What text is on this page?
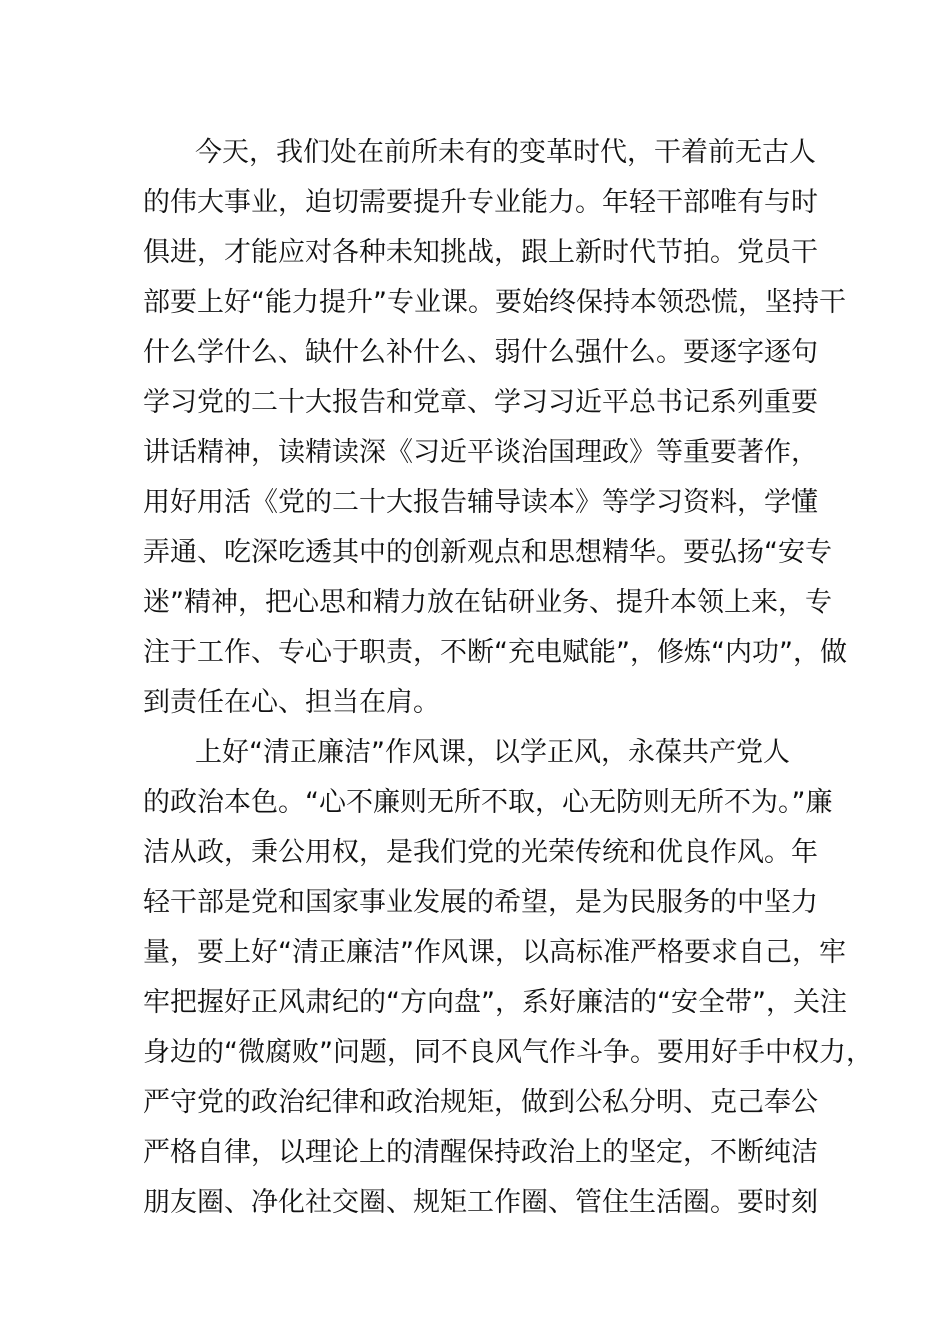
今天，我们处在前所未有的变革时代，干着前无古人
的伟大事业，迫切需要提升专业能力。年轻干部唯有与时
俱进，才能应对各种未知挑战，跟上新时代节拍。党员干
部要上好“能力提升”专业课。要始终保持本领恐慌，坚持干
什么学什么、缺什么补什么、弱什么强什么。要逐字逐句
学习党的二十大报告和党章、学习习近平总书记系列重要
讲话精神，读精读深《习近平谈治国理政》等重要著作，
用好用活《党的二十大报告辅导读本》等学习资料，学懂
弄通、吃深吃透其中的创新观点和思想精华。要弘扬“安专
迷”精神，把心思和精力放在钻研业务、提升本领上来，专
注于工作、专心于职责，不断“充电赋能”，修炼“内功”，做
到责任在心、担当在肩。
上好“清正廉洁”作风课，以学正风，永葆共产党人
的政治本色。“心不廉则无所不取，心无防则无所不为。”廉
洁从政，秉公用权，是我们党的光荣传统和优良作风。年
轻干部是党和国家事业发展的希望，是为民服务的中坚力
量，要上好“清正廉洁”作风课，以高标准严格要求自己，牢
牢把握好正风肃纪的“方向盘”，系好廉洁的“安全带”，关注
身边的“微腐败”问题，同不良风气作斗争。要用好手中权力，
严守党的政治纪律和政治规矩，做到公私分明、克己奉公
严格自律，以理论上的清醒保持政治上的坚定，不断纯洁
朋友圈、净化社交圈、规矩工作圈、管住生活圈。要时刻
